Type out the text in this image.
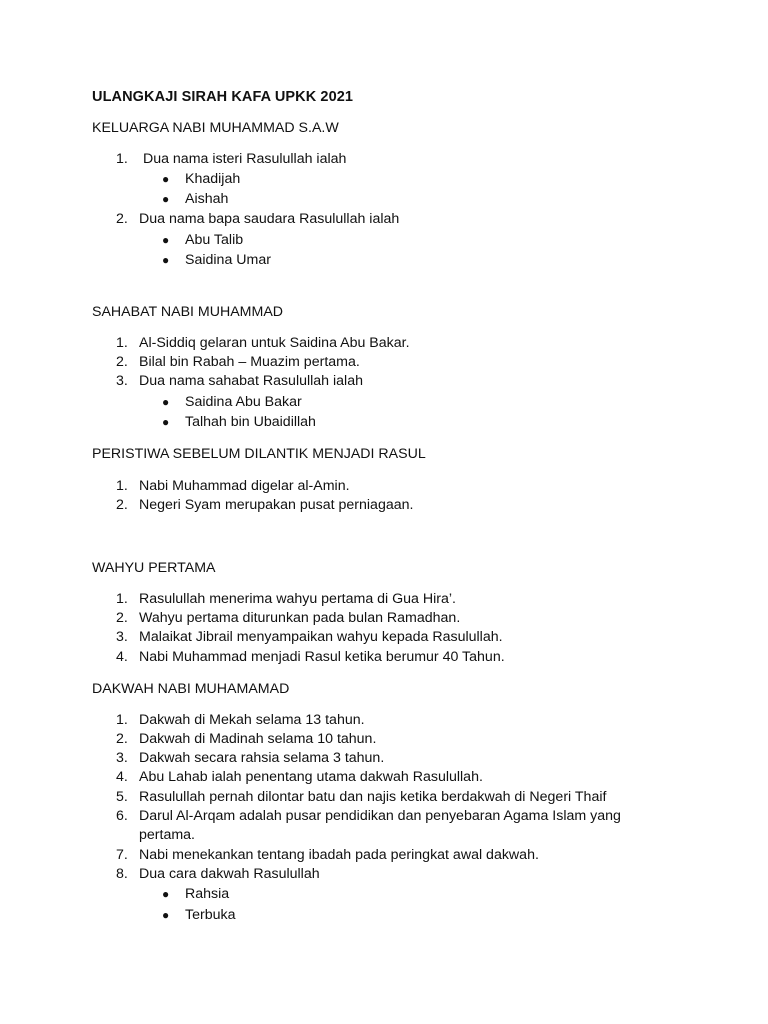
ULANGKAJI SIRAH KAFA UPKK 2021
KELUARGA NABI MUHAMMAD S.A.W
1. Dua nama isteri Rasulullah ialah
● Khadijah
● Aishah
2. Dua nama bapa saudara Rasulullah ialah
● Abu Talib
● Saidina Umar
SAHABAT NABI MUHAMMAD
1. Al-Siddiq gelaran untuk Saidina Abu Bakar.
2. Bilal bin Rabah – Muazim pertama.
3. Dua nama sahabat Rasulullah ialah
● Saidina Abu Bakar
● Talhah bin Ubaidillah
PERISTIWA SEBELUM DILANTIK MENJADI RASUL
1. Nabi Muhammad digelar al-Amin.
2. Negeri Syam merupakan pusat perniagaan.
WAHYU PERTAMA
1. Rasulullah menerima wahyu pertama di Gua Hira’.
2. Wahyu pertama diturunkan pada bulan Ramadhan.
3. Malaikat Jibrail menyampaikan wahyu kepada Rasulullah.
4. Nabi Muhammad menjadi Rasul ketika berumur 40 Tahun.
DAKWAH NABI MUHAMAMAD
1. Dakwah di Mekah selama 13 tahun.
2. Dakwah di Madinah selama 10 tahun.
3. Dakwah secara rahsia selama 3 tahun.
4. Abu Lahab ialah penentang utama dakwah Rasulullah.
5. Rasulullah pernah dilontar batu dan najis ketika berdakwah di Negeri Thaif
6. Darul Al-Arqam adalah pusar pendidikan dan penyebaran Agama Islam yang
pertama.
7. Nabi menekankan tentang ibadah pada peringkat awal dakwah.
8. Dua cara dakwah Rasulullah
● Rahsia
● Terbuka
